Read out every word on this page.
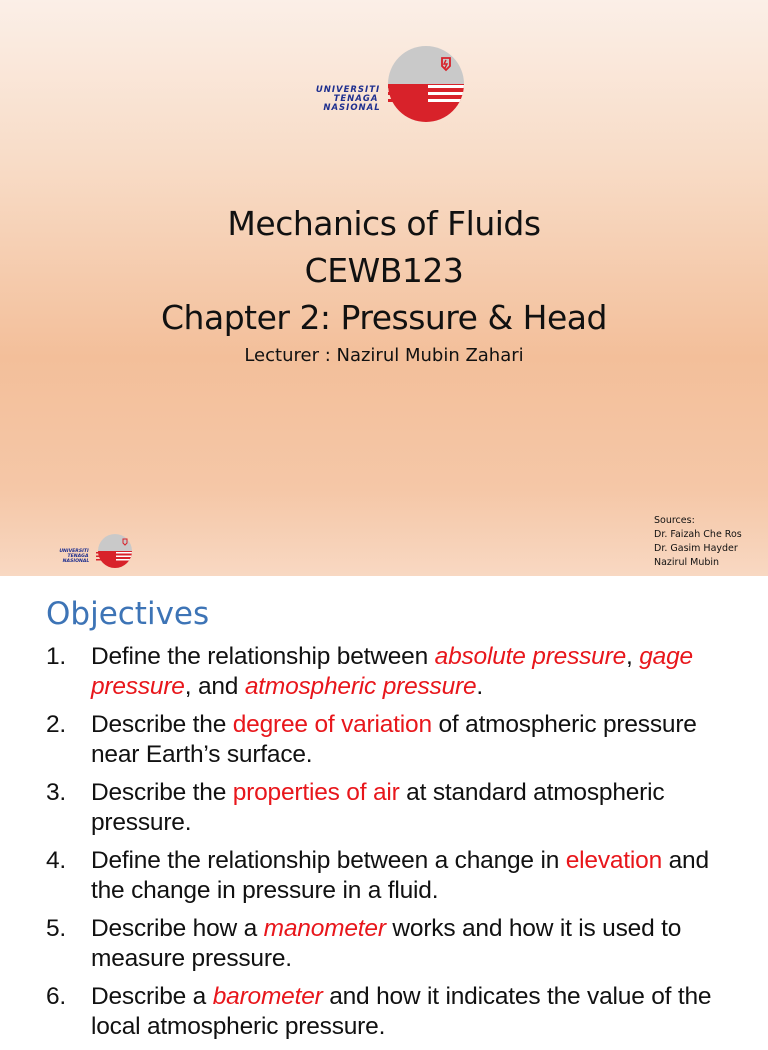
UNIVERSITI
TENAGA
NASIONAL
Mechanics of Fluids
CEWB123
Chapter 2: Pressure & Head
Lecturer : Nazirul Mubin Zahari
UNIVERSITI
TENAGA
NASIONAL
Sources:
Dr. Faizah Che Ros
Dr. Gasim Hayder
Nazirul Mubin
Objectives
1. Define the relationship between absolute pressure, gage pressure, and atmospheric pressure.
2. Describe the degree of variation of atmospheric pressure near Earth’s surface.
3. Describe the properties of air at standard atmospheric pressure.
4. Define the relationship between a change in elevation and the change in pressure in a fluid.
5. Describe how a manometer works and how it is used to measure pressure.
6. Describe a barometer and how it indicates the value of the local atmospheric pressure.
